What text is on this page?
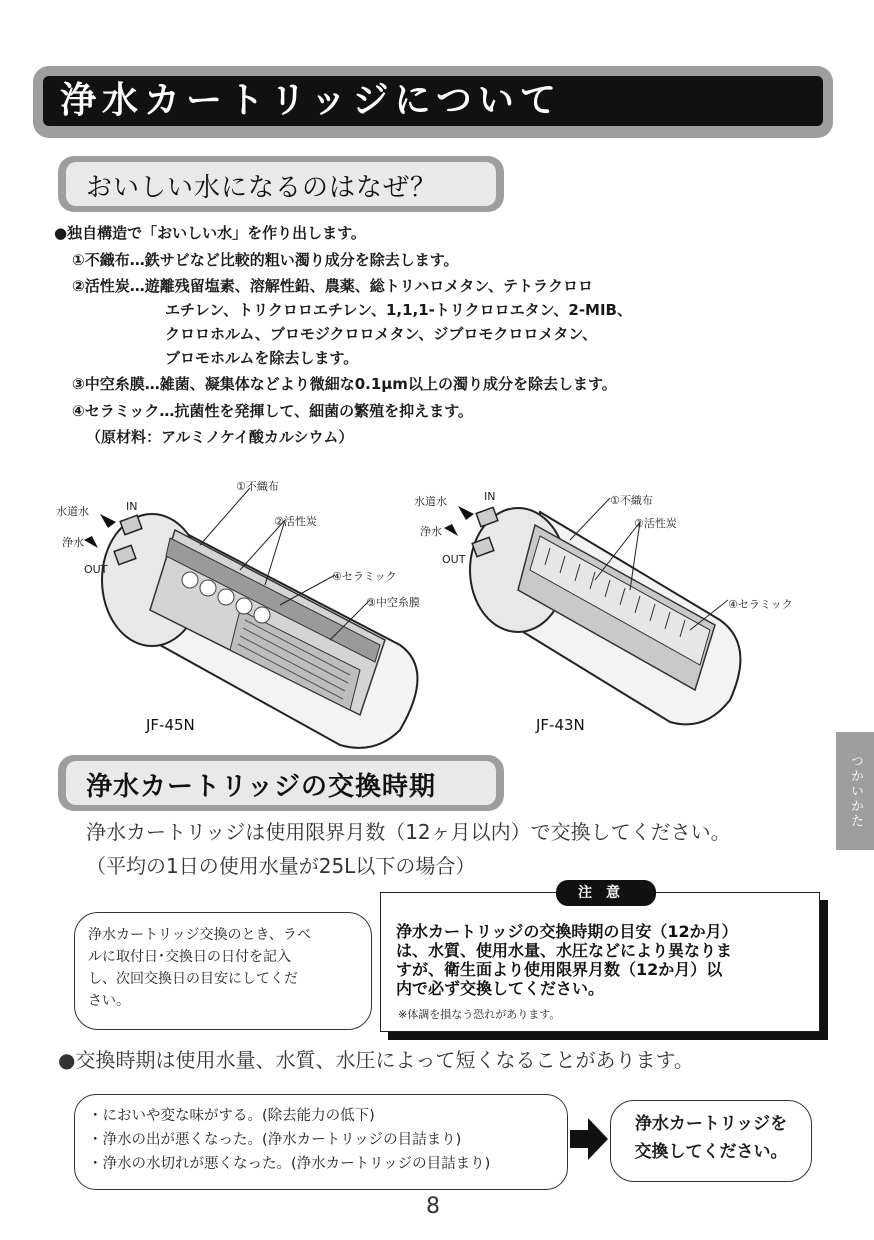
浄水カートリッジについて
おいしい水になるのはなぜ？
●独自構造で「おいしい水」を作り出します。
①不織布…鉄サビなど比較的粗い濁り成分を除去します。
②活性炭…遊離残留塩素、溶解性鉛、農薬、総トリハロメタン、テトラクロロ
エチレン、トリクロロエチレン、1,1,1-トリクロロエタン、2-MIB、
クロロホルム、ブロモジクロロメタン、ジブロモクロロメタン、
ブロモホルムを除去します。
③中空糸膜…雑菌、凝集体などより微細な0.1μm以上の濁り成分を除去します。
④セラミック…抗菌性を発揮して、細菌の繁殖を抑えます。
（原材料：アルミノケイ酸カルシウム）
水道水	IN
浄水
OUT
①不織布
②活性炭
④セラミック
③中空糸膜
JF-45N
水道水	IN
浄水
OUT
①不織布
②活性炭
④セラミック
JF-43N
浄水カートリッジの交換時期
浄水カートリッジは使用限界月数（12ヶ月以内）で交換してください。
（平均の1日の使用水量が25L以下の場合）
つかいかた
浄水カートリッジ交換のとき、ラベ
ルに取付日･交換日の日付を記入
し、次回交換日の目安にしてくだ
さい。
注意
浄水カートリッジの交換時期の目安（12か月）
は、水質、使用水量、水圧などにより異なりま
すが、衛生面より使用限界月数（12か月）以
内で必ず交換してください。
※体調を損なう恐れがあります。
●交換時期は使用水量、水質、水圧によって短くなることがあります。
・においや変な味がする。(除去能力の低下)
・浄水の出が悪くなった。(浄水カートリッジの目詰まり)
・浄水の水切れが悪くなった。(浄水カートリッジの目詰まり)
浄水カートリッジを
交換してください。
8
